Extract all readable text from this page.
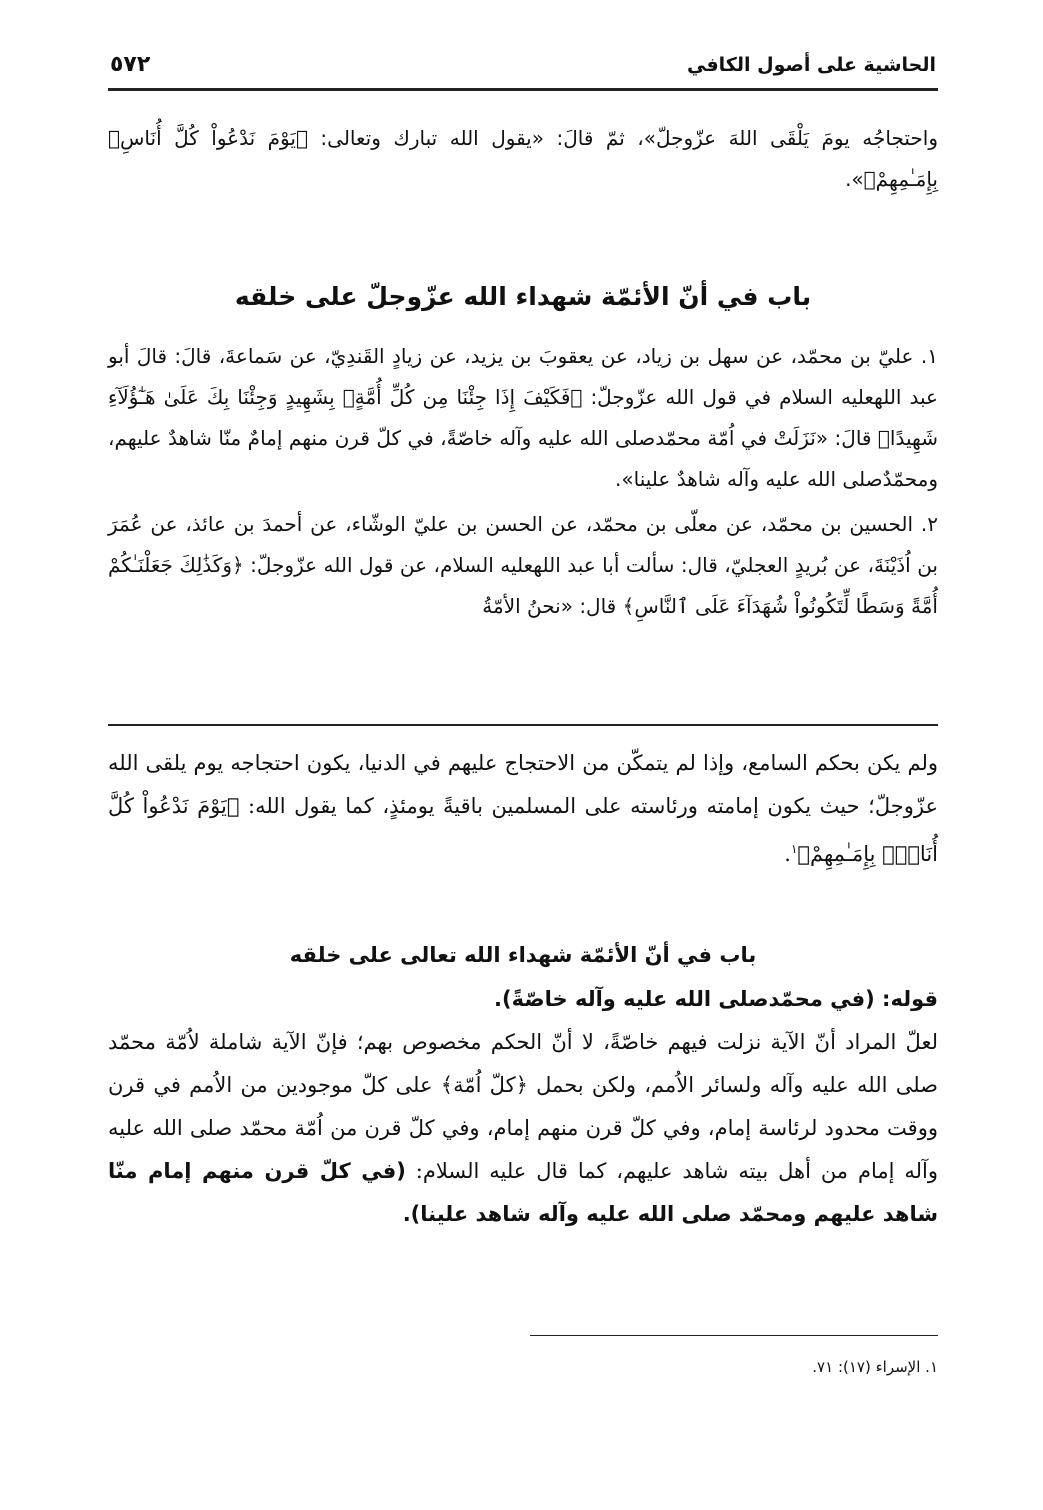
الحاشية على أصول الكافي
٥٧٢

واحتجاجُه يومَ يَلْقَى اللهَ عزّوجلّ»، ثمّ قالَ: «يقول الله تبارك وتعالى: ﴿يَوْمَ نَدْعُواْ كُلَّ أُنَاسِۢ بِإِمَـٰمِهِمْ﴾».

باب في أنّ الأئمّة شهداء الله عزّوجلّ على خلقه

١. عليّ بن محمّد، عن سهل بن زياد، عن يعقوبَ بن يزيد، عن زيادٍ القَندِيّ، عن سَماعةَ، قالَ: قالَ أبو عبد اللهعليه السلام في قول الله عزّوجلّ: ﴿فَكَيْفَ إِذَا جِئْنَا مِن كُلِّ أُمَّةٍۭ بِشَهِيدٍ وَجِئْنَا بِكَ عَلَىٰ هَـٰٓؤُلَآءِ شَهِيدًا﴾ قالَ: «نَزَلَتْ في اُمّة محمّدصلى الله عليه وآله خاصّةً، في كلّ قرن منهم إمامٌ منّا شاهدٌ عليهم، ومحمّدٌصلى الله عليه وآله شاهدٌ علينا».

٢. الحسين بن محمّد، عن معلّى بن محمّد، عن الحسن بن عليّ الوشّاء، عن أحمدَ بن عائذ، عن عُمَرَ بن اُذَيْنَةَ، عن بُريدٍ العجليّ، قال: سألت أبا عبد اللهعليه السلام، عن قول الله عزّوجلّ: ﴿وَكَذَٰلِكَ جَعَلْنَـٰكُمْ أُمَّةً وَسَطًا لِّتَكُونُواْ شُهَدَآءَ عَلَى ٱلنَّاسِ﴾ قال: «نحنُ الأمّةُ

ولم يكن بحكم السامع، وإذا لم يتمكّن من الاحتجاج عليهم في الدنيا، يكون احتجاجه يوم يلقى الله عزّوجلّ؛ حيث يكون إمامته ورئاسته على المسلمين باقيةً يومئذٍ، كما يقول الله: ﴿يَوْمَ نَدْعُواْ كُلَّ أُنَاسِۢ بِإِمَـٰمِهِمْ﴾$^١$.

باب في أنّ الأئمّة شهداء الله تعالى على خلقه

قوله: (في محمّدصلى الله عليه وآله خاصّةً).

لعلّ المراد أنّ الآية نزلت فيهم خاصّةً، لا أنّ الحكم مخصوص بهم؛ فإنّ الآية شاملة لاُمّة محمّد صلى الله عليه وآله ولسائر الاُمم، ولكن بحمل ﴿كلّ اُمّة﴾ على كلّ موجودين من الاُمم في قرن ووقت محدود لرئاسة إمام، وفي كلّ قرن منهم إمام، وفي كلّ قرن من اُمّة محمّد صلى الله عليه وآله إمام من أهل بيته شاهد عليهم، كما قال عليه السلام: (في كلّ قرن منهم إمام منّا شاهد عليهم ومحمّد صلى الله عليه وآله شاهد علينا).

١. الإسراء (١٧): ٧١.
